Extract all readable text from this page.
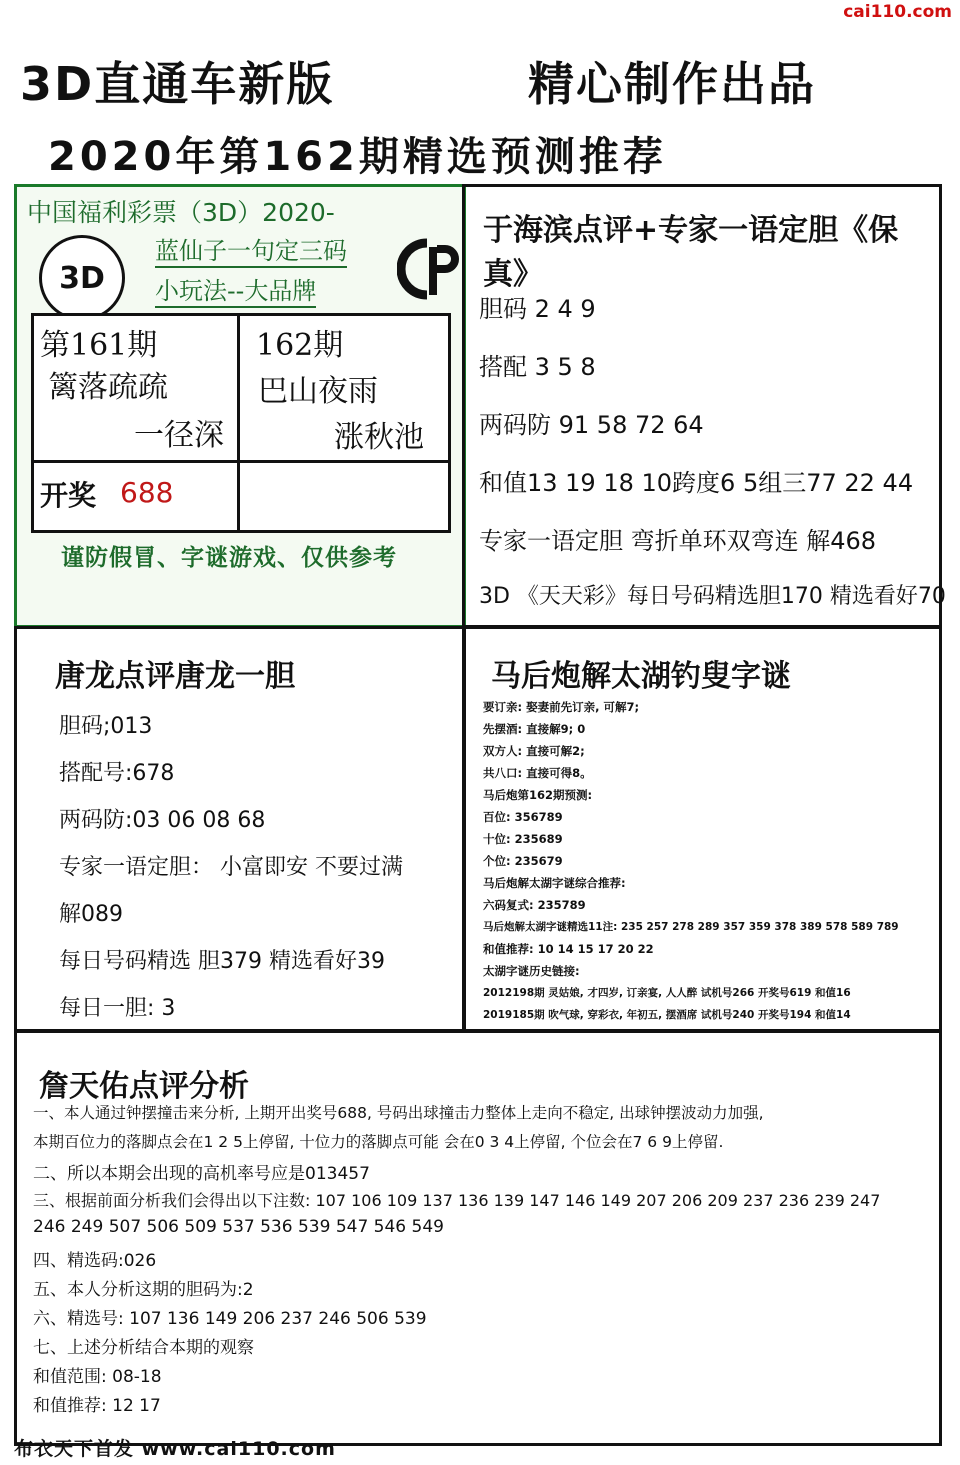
cai110.com
3D直通车新版	精心制作出品
2020年第162期精选预测推荐
中国福利彩票（3D）2020-
3D
蓝仙子一句定三码
小玩法--大品牌
第161期
篱落疏疏
一径深
162期
巴山夜雨
涨秋池
开奖 688
谨防假冒、字谜游戏、仅供参考
于海滨点评+专家一语定胆《保真》
胆码 2 4 9
搭配 3 5 8
两码防 91 58 72 64
和值13 19 18 10跨度6 5组三77 22 44
专家一语定胆 弯折单环双弯连 解468
3D 《天天彩》每日号码精选胆170 精选看好70
唐龙点评唐龙一胆
胆码;013
搭配号:678
两码防:03 06 08 68
专家一语定胆： 小富即安 不要过满
解089
每日号码精选 胆379 精选看好39
每日一胆: 3
马后炮解太湖钓叟字谜
要订亲: 娶妻前先订亲, 可解7;
先摆酒: 直接解9; 0
双方人: 直接可解2;
共八口: 直接可得8。
马后炮第162期预测:
百位: 356789
十位: 235689
个位: 235679
马后炮解太湖字谜综合推荐:
六码复式: 235789
马后炮解太湖字谜精选11注: 235 257 278 289 357 359 378 389 578 589 789
和值推荐: 10 14 15 17 20 22
太湖字谜历史链接:
2012198期 灵姑娘, 才四岁, 订亲宴, 人人醉 试机号266 开奖号619 和值16
2019185期 吹气球, 穿彩衣, 年初五, 摆酒席 试机号240 开奖号194 和值14
詹天佑点评分析
一、本人通过钟摆撞击来分析, 上期开出奖号688, 号码出球撞击力整体上走向不稳定, 出球钟摆波动力加强,
本期百位力的落脚点会在1 2 5上停留, 十位力的落脚点可能 会在0 3 4上停留, 个位会在7 6 9上停留.
二、所以本期会出现的高机率号应是013457
三、根据前面分析我们会得出以下注数: 107 106 109 137 136 139 147 146 149 207 206 209 237 236 239 247
246 249 507 506 509 537 536 539 547 546 549
四、精选码:026
五、本人分析这期的胆码为:2
六、精选号: 107 136 149 206 237 246 506 539
七、上述分析结合本期的观察
和值范围: 08-18
和值推荐: 12 17
布衣天下首发 www.cai110.com
